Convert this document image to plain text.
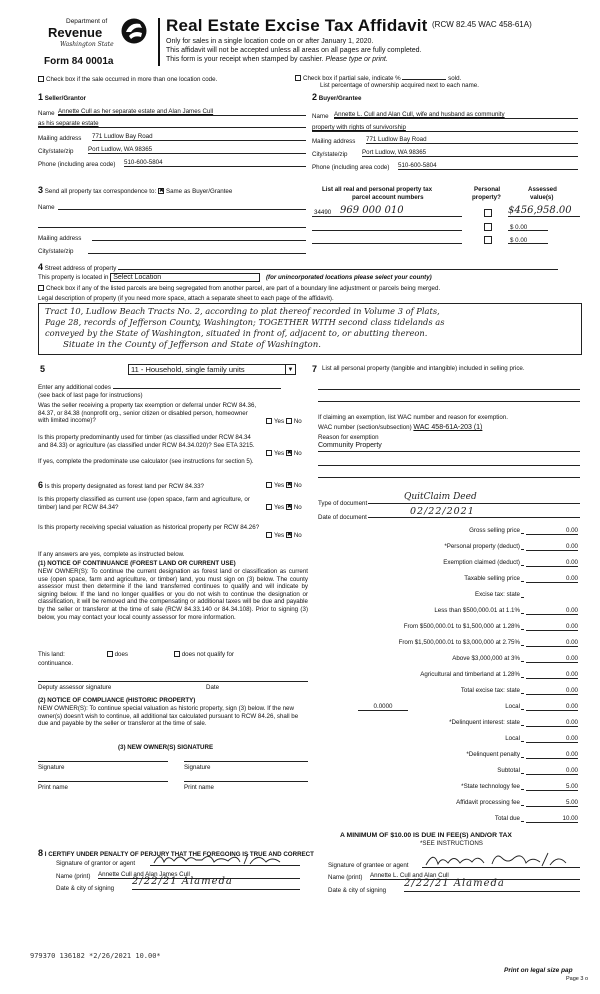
Department of
Revenue
Washington State
Form 84 0001a
Real Estate Excise Tax Affidavit (RCW 82.45 WAC 458-61A)
Only for sales in a single location code on or after January 1, 2020.
This affidavit will not be accepted unless all areas on all pages are fully completed.
This form is your receipt when stamped by cashier. Please type or print.
Check box if the sale occurred in more than one location code.	Check box if partial sale, indicate %	sold.
List percentage of ownership acquired next to each name.
1 Seller/Grantor
Name Annette Cull as her separate estate and Alan James Cull
as his separate estate
Mailing address 771 Ludlow Bay Road
City/state/zip Port Ludlow, WA 98365
Phone (including area code) 510-600-5804
2 Buyer/Grantee
Name Annette L. Cull and Alan Cull, wife and husband as community
property with rights of survivorship
Mailing address 771 Ludlow Bay Road
City/state/zip Port Ludlow, WA 98365
Phone (including area code) 510-600-5804
3 Send all property tax correspondence to: ✖ Same as Buyer/Grantee
Name
Mailing address
City/state/zip
List all real and personal property tax
parcel account numbers
Personal
property?
Assessed
value(s)
34490 969 000 010	$456,958.00
$ 0.00
$ 0.00
4 Street address of property
This property is located in Select Location	(for unincorporated locations please select your county)
Check box if any of the listed parcels are being segregated from another parcel, are part of a boundary line adjustment or parcels being merged.
Legal description of property (if you need more space, attach a separate sheet to each page of the affidavit).
Tract 10, Ludlow Beach Tracts No. 2, according to plat thereof recorded in Volume 3 of Plats,
Page 28, records of Jefferson County, Washington; TOGETHER WITH second class tidelands as
conveyed by the State of Washington, situated in front of, adjacent to, or abutting thereon.
Situate in the County of Jefferson and State of Washington.
5	11 - Household, single family units	▼
Enter any additional codes
(see back of last page for instructions)
Was the seller receiving a property tax exemption or deferral under RCW 84.36, 84.37, or 84.38 (nonprofit org., senior citizen or disabled person, homeowner with limited income)?	Yes No
Is this property predominantly used for timber (as classified under RCW 84.34 and 84.33) or agriculture (as classified under RCW 84.34.020)? See ETA 3215.
Yes ✖ No
If yes, complete the predominate use calculator (see instructions for section 5).
6 Is this property designated as forest land per RCW 84.33?	Yes ✖ No
Is this property classified as current use (open space, farm and agriculture, or timber) land per RCW 84.34?	Yes ✖ No
Is this property receiving special valuation as historical property per RCW 84.26?
Yes ✖ No
If any answers are yes, complete as instructed below.
(1) NOTICE OF CONTINUANCE (FOREST LAND OR CURRENT USE)
NEW OWNER(S): To continue the current designation as forest land or classification as current use (open space, farm and agriculture, or timber) land, you must sign on (3) below. The county assessor must then determine if the land transferred continues to qualify and will indicate by signing below. If the land no longer qualifies or you do not wish to continue the designation or classification, it will be removed and the compensating or additional taxes will be due and payable by the seller or transferor at the time of sale (RCW 84.33.140 or 84.34.108). Prior to signing (3) below, you may contact your local county assessor for more information.
This land:	does	does not qualify for
continuance.
Deputy assessor signature	Date
(2) NOTICE OF COMPLIANCE (HISTORIC PROPERTY)
NEW OWNER(S): To continue special valuation as historic property, sign (3) below. If the new owner(s) doesn't wish to continue, all additional tax calculated pursuant to RCW 84.26, shall be due and payable by the seller or transferor at the time of sale.
(3) NEW OWNER(S) SIGNATURE
Signature	Signature
Print name	Print name
7 List all personal property (tangible and intangible) included in selling price.
If claiming an exemption, list WAC number and reason for exemption.
WAC number (section/subsection) WAC 458-61A-203 (1)
Reason for exemption
Community Property
Type of document
QuitClaim Deed
Date of document
02/22/2021
Gross selling price	0.00
*Personal property (deduct)	0.00
Exemption claimed (deduct)	0.00
Taxable selling price	0.00
Excise tax: state
Less than $500,000.01 at 1.1%	0.00
From $500,000.01 to $1,500,000 at 1.28%	0.00
From $1,500,000.01 to $3,000,000 at 2.75%	0.00
Above $3,000,000 at 3%	0.00
Agricultural and timberland at 1.28%	0.00
Total excise tax: state	0.00
Local	0.00
0.0000
*Delinquent interest: state	0.00
Local	0.00
*Delinquent penalty	0.00
Subtotal	0.00
*State technology fee	5.00
Affidavit processing fee	5.00
Total due	10.00
A MINIMUM OF $10.00 IS DUE IN FEE(S) AND/OR TAX
*SEE INSTRUCTIONS
8 I CERTIFY UNDER PENALTY OF PERJURY THAT THE FOREGOING IS TRUE AND CORRECT
Signature of grantor or agent
Name (print) Annette Cull and Alan James Cull
Date & city of signing
2/22/21 Alameda
Signature of grantee or agent
Name (print) Annette L. Cull and Alan Cull
Date & city of signing
2/22/21 Alameda
979370 136182 *2/26/2021 10.00*
Print on legal size pap
Page 3 o
